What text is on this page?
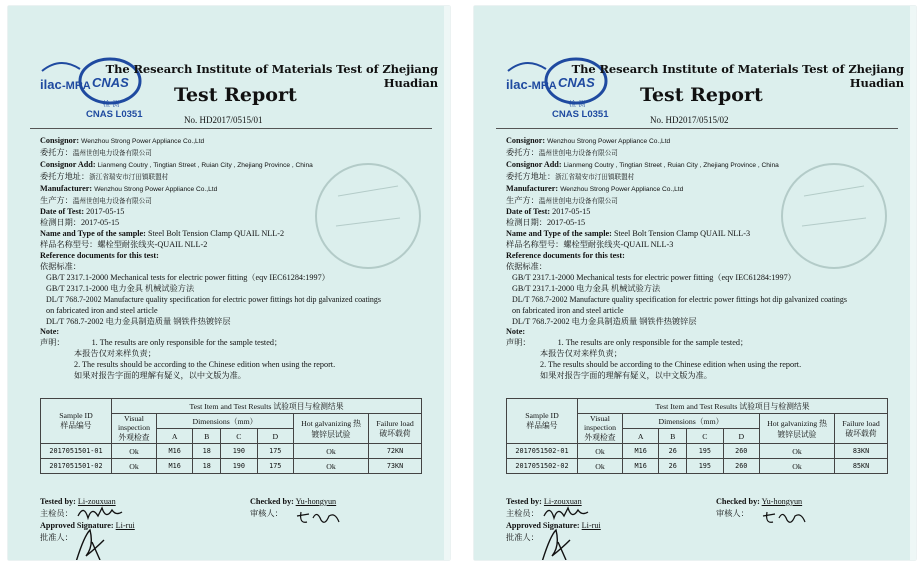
CNAS
ilac -MRA
检 测
CNAS L0351
The Research Institute of Materials Test of Zhejiang Huadian
Test Report
No. HD2017/0515/01
Consignor: Wenzhou Strong Power Appliance Co.,Ltd
委托方：温州世创电力设备有限公司
Consignor Add: Lianmeng Coutry , Tingtian Street , Ruian City , Zhejiang Province , China
委托方地址：浙江省瑞安市汀田镇联盟村
Manufacturer: Wenzhou Strong Power Appliance Co.,Ltd
生产方：温州世创电力设备有限公司
Date of Test: 2017-05-15
检测日期：2017-05-15
Name and Type of the sample: Steel Bolt Tension Clamp QUAIL NLL-2
样品名称型号：螺栓型耐张线夹-QUAIL NLL-2
Reference documents for this test:
依据标准：
GB/T 2317.1-2000 Mechanical tests for electric power fitting（eqv IEC61284:1997）
GB/T 2317.1-2000 电力金具 机械试验方法
DL/T 768.7-2002 Manufacture quality specification for electric power fittings hot dip galvanized coatings
on fabricated iron and steel article
DL/T 768.7-2002 电力金具制造质量 钢铁件热镀锌层
Note:
声明：	1. The results are only responsible for the sample tested；
本报告仅对来样负责；
2. The results should be according to the Chinese edition when using the report.
如果对报告字面的理解有疑义，以中文版为准。
Sample ID
样品编号	Test Item and Test Results 试验项目与检测结果						
	Visual
inspection
外观检查	Dimensions（mm）				Hot galvanizing 热
镀锌层试验	Failure load
破坏载荷
		A	B	C	D		
2017051501-01	Ok	M16	18	190	175	Ok	72KN
2017051501-02	Ok	M16	18	190	175	Ok	73KN
Tested by: Li-zouxuan	Checked by: Yu-hongyun
主检员：	审核人：
Approved Signature: Li-rui
批准人：
CNAS
ilac -MRA
检 测
CNAS L0351
The Research Institute of Materials Test of Zhejiang Huadian
Test Report
No. HD2017/0515/02
Consignor: Wenzhou Strong Power Appliance Co.,Ltd
委托方：温州世创电力设备有限公司
Consignor Add: Lianmeng Coutry , Tingtian Street , Ruian City , Zhejiang Province , China
委托方地址：浙江省瑞安市汀田镇联盟村
Manufacturer: Wenzhou Strong Power Appliance Co.,Ltd
生产方：温州世创电力设备有限公司
Date of Test: 2017-05-15
检测日期：2017-05-15
Name and Type of the sample: Steel Bolt Tension Clamp QUAIL NLL-3
样品名称型号：螺栓型耐张线夹-QUAIL NLL-3
Reference documents for this test:
依据标准：
GB/T 2317.1-2000 Mechanical tests for electric power fitting（eqv IEC61284:1997）
GB/T 2317.1-2000 电力金具 机械试验方法
DL/T 768.7-2002 Manufacture quality specification for electric power fittings hot dip galvanized coatings
on fabricated iron and steel article
DL/T 768.7-2002 电力金具制造质量 钢铁件热镀锌层
Note:
声明：	1. The results are only responsible for the sample tested；
本报告仅对来样负责；
2. The results should be according to the Chinese edition when using the report.
如果对报告字面的理解有疑义，以中文版为准。
Sample ID
样品编号	Test Item and Test Results 试验项目与检测结果						
	Visual
inspection
外观检查	Dimensions（mm）				Hot galvanizing 热
镀锌层试验	Failure load
破坏载荷
		A	B	C	D		
2017051502-01	Ok	M16	26	195	260	Ok	83KN
2017051502-02	Ok	M16	26	195	260	Ok	85KN
Tested by: Li-zouxuan	Checked by: Yu-hongyun
主检员：	审核人：
Approved Signature: Li-rui
批准人：
